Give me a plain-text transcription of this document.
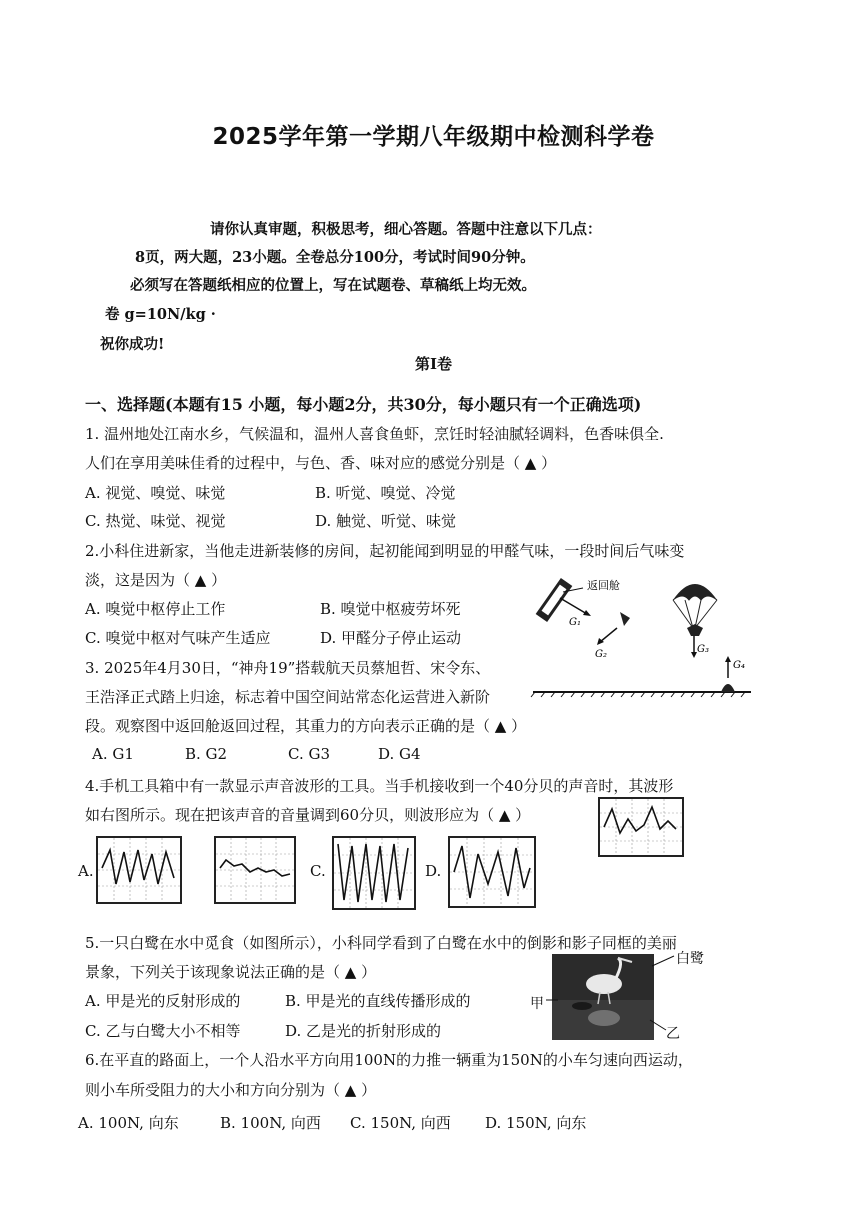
2025学年第一学期八年级期中检测科学卷
请你认真审题，积极思考，细心答题。答题中注意以下几点：
8页，两大题，23小题。全卷总分100分，考试时间90分钟。
必须写在答题纸相应的位置上，写在试题卷、草稿纸上均无效。
卷 g=10N/kg ·
祝你成功!
第I卷
一、选择题(本题有15 小题，每小题2分，共30分，每小题只有一个正确选项)
1. 温州地处江南水乡，气候温和，温州人喜食鱼虾，烹饪时轻油腻轻调料，色香味俱全.
人们在享用美味佳肴的过程中，与色、香、味对应的感觉分别是（ ▲ ）
A. 视觉、嗅觉、味觉	B. 听觉、嗅觉、冷觉
C. 热觉、味觉、视觉	D. 触觉、听觉、味觉
2.小科住进新家，当他走进新装修的房间，起初能闻到明显的甲醛气味，一段时间后气味变
淡，这是因为（ ▲ ）
A. 嗅觉中枢停止工作	B. 嗅觉中枢疲劳坏死
C. 嗅觉中枢对气味产生适应	D. 甲醛分子停止运动
返回舱
G₁
G₂	G₃
G₄
3. 2025年4月30日，“神舟19”搭载航天员蔡旭哲、宋令东、
王浩泽正式踏上归途，标志着中国空间站常态化运营进入新阶
段。观察图中返回舱返回过程，其重力的方向表示正确的是（ ▲ ）
A. G1	B. G2	C. G3	D. G4
4.手机工具箱中有一款显示声音波形的工具。当手机接收到一个40分贝的声音时，其波形
如右图所示。现在把该声音的音量调到60分贝，则波形应为（ ▲ ）
A.	C.	D.
5.一只白鹭在水中觅食（如图所示），小科同学看到了白鹭在水中的倒影和影子同框的美丽
景象，下列关于该现象说法正确的是（ ▲ ）
A. 甲是光的反射形成的	B. 甲是光的直线传播形成的
C. 乙与白鹭大小不相等	D. 乙是光的折射形成的
白鹭
甲
乙
6.在平直的路面上，一个人沿水平方向用100N的力推一辆重为150N的小车匀速向西运动，
则小车所受阻力的大小和方向分别为（ ▲ ）
A. 100N, 向东	B. 100N, 向西 C. 150N, 向西 D. 150N, 向东
